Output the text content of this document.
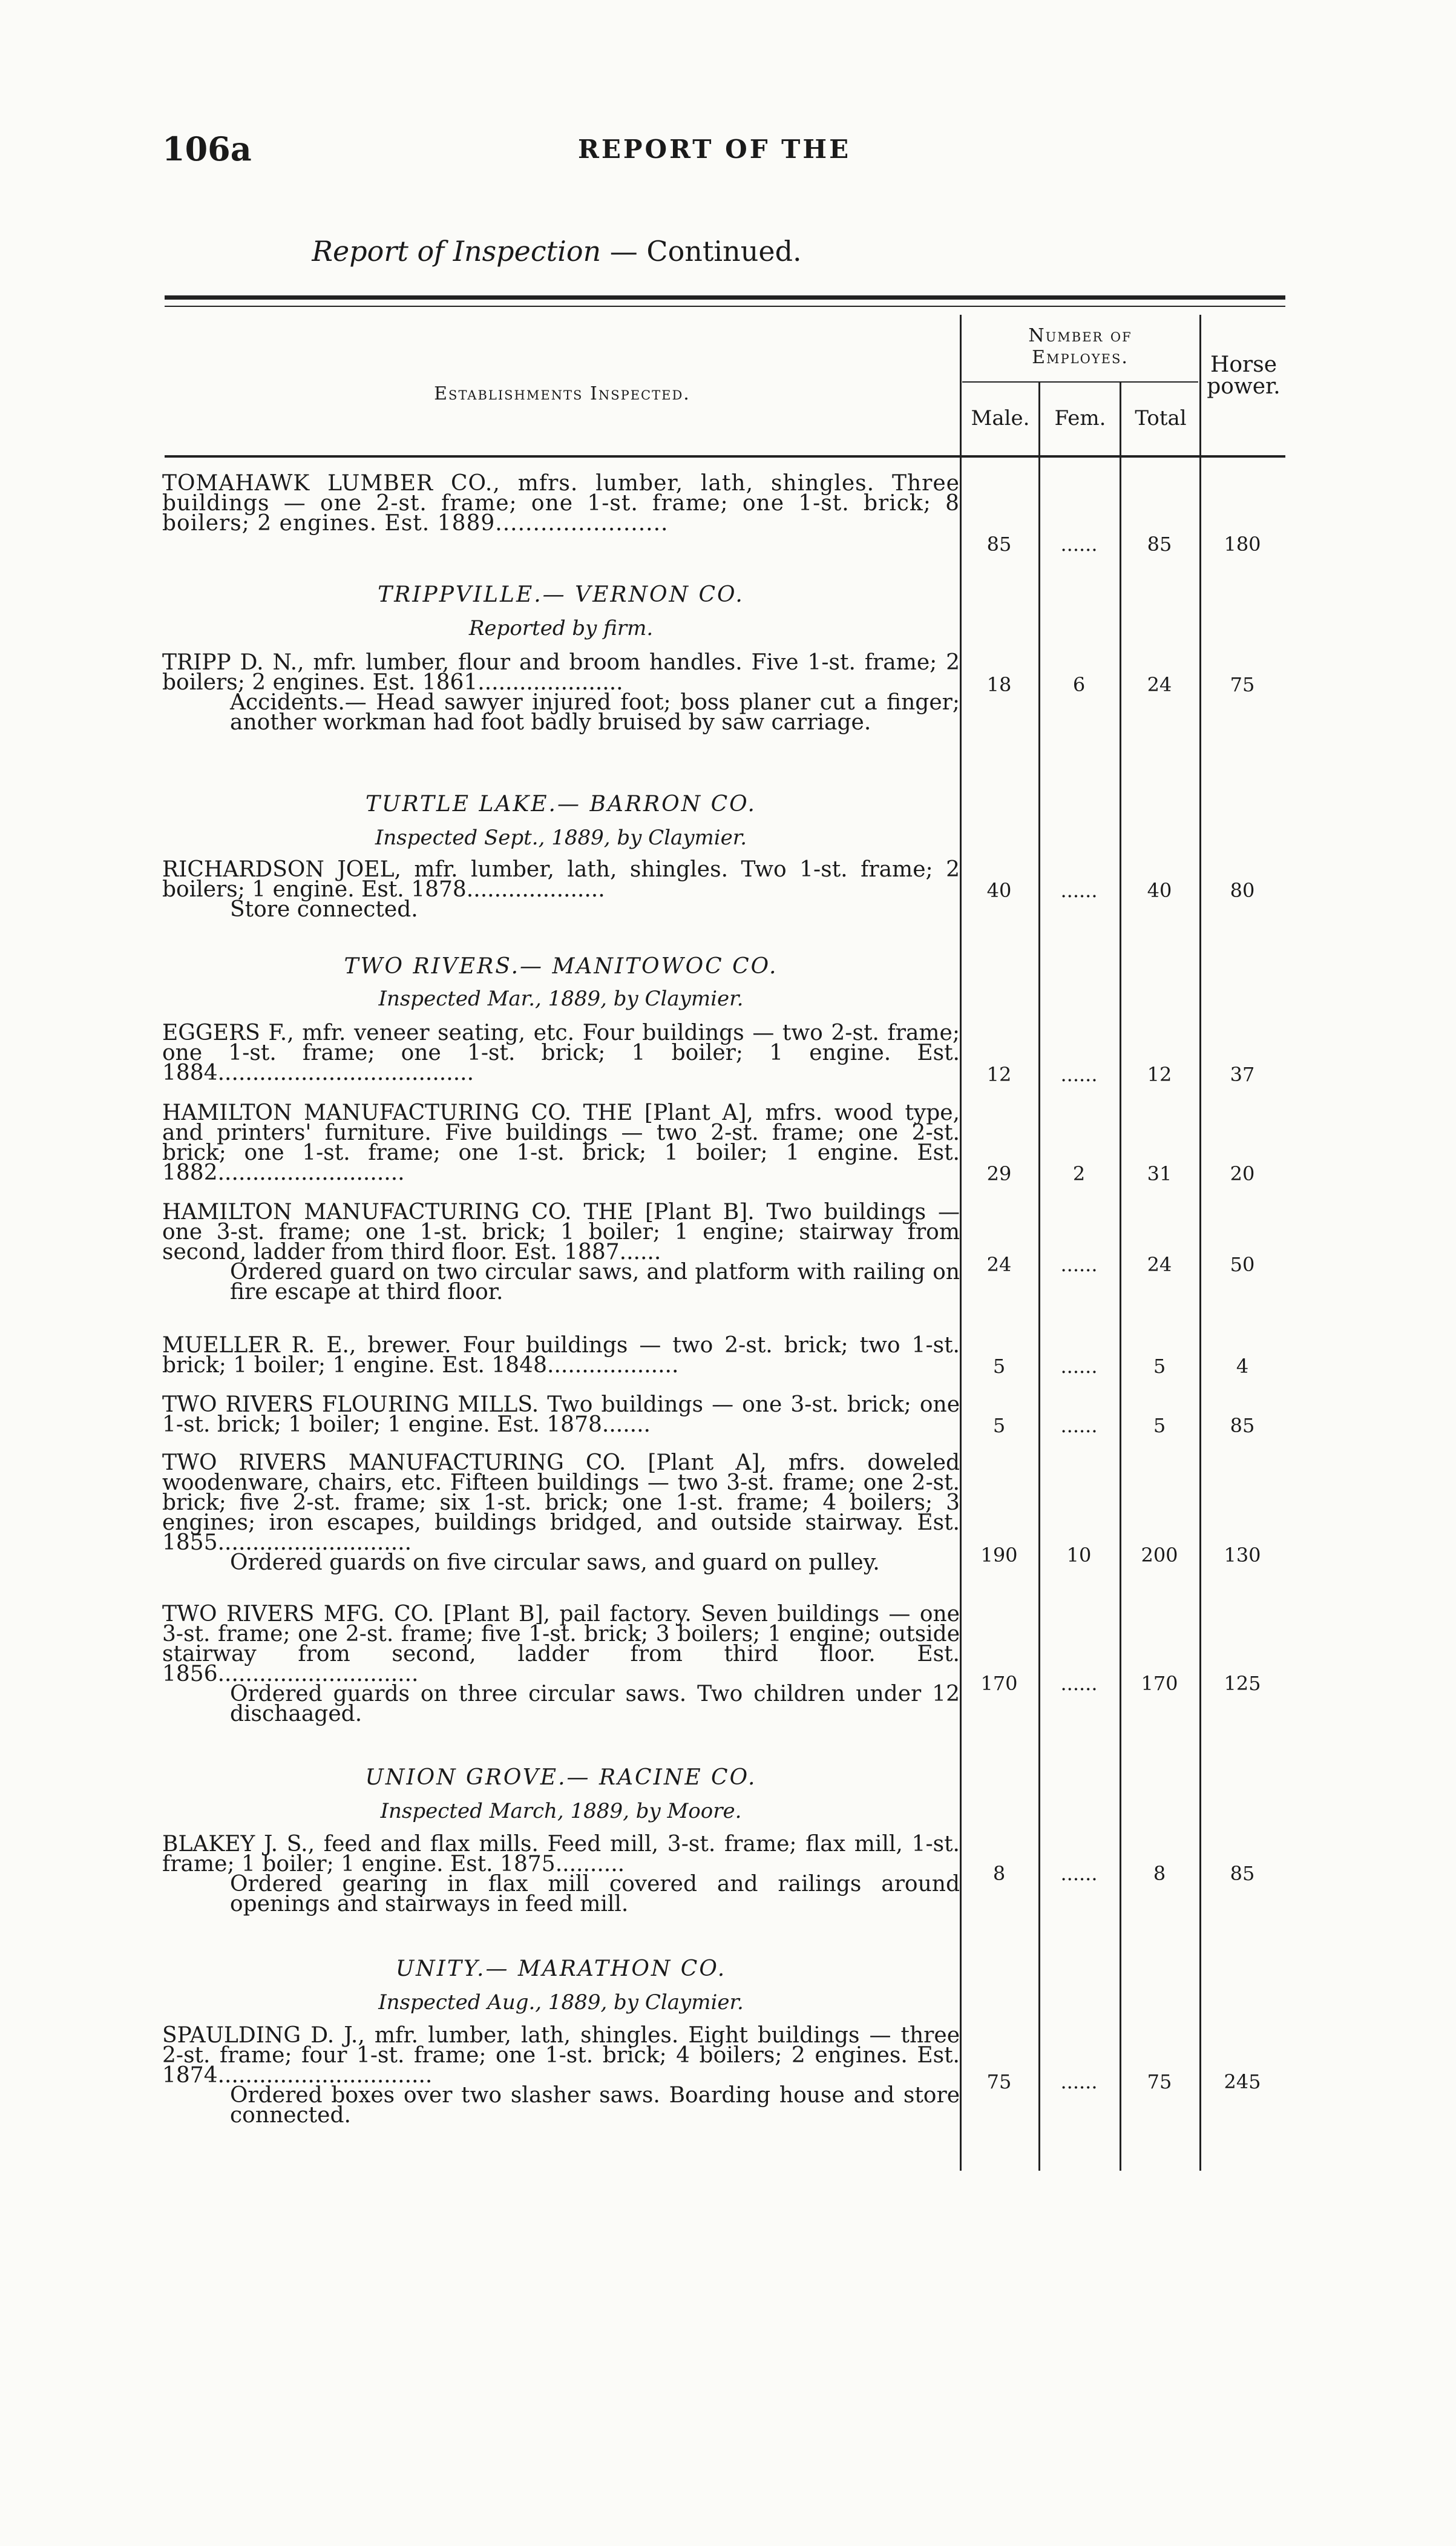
106a	REPORT OF THE
Report of Inspection — Continued.
Establishments Inspected.
Number of
Employes.
Male.	Fem.	Total
Horse
power.
TOMAHAWK LUMBER CO., mfrs. lumber, lath, shingles. Three buildings — one 2-st. frame; one 1-st. frame; one 1-st. brick; 8 boilers; 2 engines. Est. 1889.......................
85	......	85	180
TRIPPVILLE.— VERNON CO.
Reported by firm.
TRIPP D. N., mfr. lumber, flour and broom handles. Five 1-st. frame; 2 boilers; 2 engines. Est. 1861.....................
Accidents.— Head sawyer injured foot; boss planer cut a finger; another workman had foot badly bruised by saw carriage.
18	6	24	75
TURTLE LAKE.— BARRON CO.
Inspected Sept., 1889, by Claymier.
RICHARDSON JOEL, mfr. lumber, lath, shingles. Two 1-st. frame; 2 boilers; 1 engine. Est. 1878....................
Store connected.
40	......	40	80
TWO RIVERS.— MANITOWOC CO.
Inspected Mar., 1889, by Claymier.
EGGERS F., mfr. veneer seating, etc. Four buildings — two 2-st. frame; one 1-st. frame; one 1-st. brick; 1 boiler; 1 engine. Est. 1884.....................................	12	......	12	37
HAMILTON MANUFACTURING CO. THE [Plant A], mfrs. wood type, and printers' furniture. Five buildings — two 2-st. frame; one 2-st. brick; one 1-st. frame; one 1-st. brick; 1 boiler; 1 engine. Est. 1882...........................	29	2	31	20
HAMILTON MANUFACTURING CO. THE [Plant B]. Two buildings — one 3-st. frame; one 1-st. brick; 1 boiler; 1 engine; stairway from second, ladder from third floor. Est. 1887......
Ordered guard on two circular saws, and platform with railing on fire escape at third floor.
24	......	24	50
MUELLER R. E., brewer. Four buildings — two 2-st. brick; two 1-st. brick; 1 boiler; 1 engine. Est. 1848...................	5	......	5	4
TWO RIVERS FLOURING MILLS. Two buildings — one 3-st. brick; one 1-st. brick; 1 boiler; 1 engine. Est. 1878.......	5	......	5	85
TWO RIVERS MANUFACTURING CO. [Plant A], mfrs. doweled woodenware, chairs, etc. Fifteen buildings — two 3-st. frame; one 2-st. brick; five 2-st. frame; six 1-st. brick; one 1-st. frame; 4 boilers; 3 engines; iron escapes, buildings bridged, and outside stairway. Est. 1855............................
Ordered guards on five circular saws, and guard on pulley.	190	10	200	130
TWO RIVERS MFG. CO. [Plant B], pail factory. Seven buildings — one 3-st. frame; one 2-st. frame; five 1-st. brick; 3 boilers; 1 engine; outside stairway from second, ladder from third floor. Est. 1856.............................
Ordered guards on three circular saws. Two children under 12 dischaaged.
170	......	170	125
UNION GROVE.— RACINE CO.
Inspected March, 1889, by Moore.
BLAKEY J. S., feed and flax mills. Feed mill, 3-st. frame; flax mill, 1-st. frame; 1 boiler; 1 engine. Est. 1875..........
Ordered gearing in flax mill covered and railings around openings and stairways in feed mill.
8	......	8	85
UNITY.— MARATHON CO.
Inspected Aug., 1889, by Claymier.
SPAULDING D. J., mfr. lumber, lath, shingles. Eight buildings — three 2-st. frame; four 1-st. frame; one 1-st. brick; 4 boilers; 2 engines. Est. 1874...............................
Ordered boxes over two slasher saws. Boarding house and store connected.
75	......	75	245
